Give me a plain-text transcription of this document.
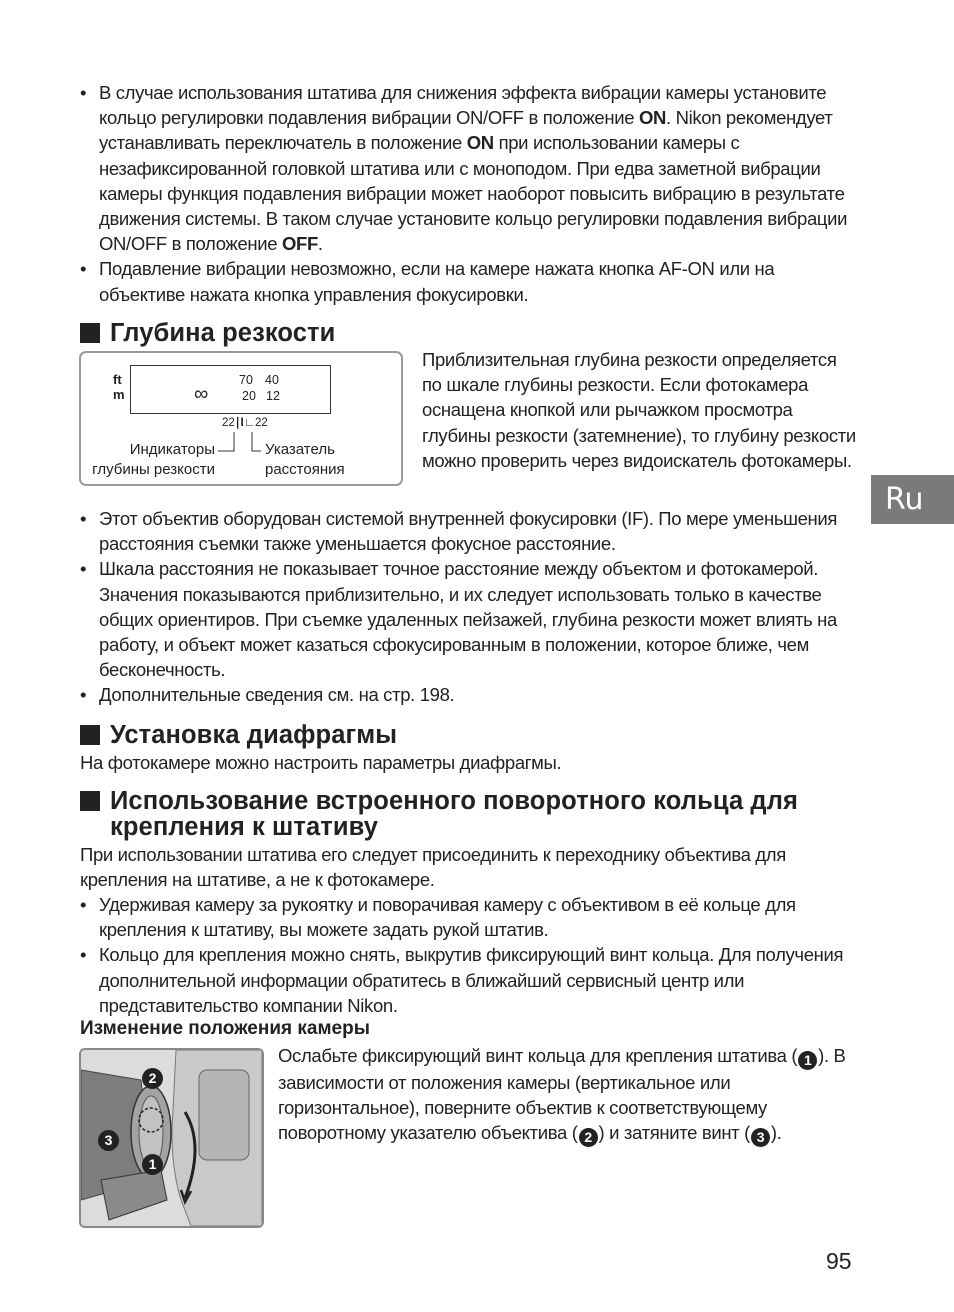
• В случае использования штатива для снижения эффекта вибрации камеры установите кольцо регулировки подавления вибрации ON/OFF в положение ON. Nikon рекомендует устанавливать переключатель в положение ON при использовании камеры с незафиксированной головкой штатива или с моноподом. При едва заметной вибрации камеры функция подавления вибрации может наоборот повысить вибрацию в результате движения системы. В таком случае установите кольцо регулировки подавления вибрации ON/OFF в положение OFF.
• Подавление вибрации невозможно, если на камере нажата кнопка AF-ON или на объективе нажата кнопка управления фокусировки.
Глубина резкости
ft
m
70 40
∞	20 12
22∣I∟22
Индикаторы глубины резкости
Указатель расстояния

Приблизительная глубина резкости определяется по шкале глубины резкости. Если фотокамера оснащена кнопкой или рычажком просмотра глубины резкости (затемнение), то глубину резкости можно проверить через видоискатель фотокамеры.

• Этот объектив оборудован системой внутренней фокусировки (IF). По мере уменьшения расстояния съемки также уменьшается фокусное расстояние.
• Шкала расстояния не показывает точное расстояние между объектом и фотокамерой. Значения показываются приблизительно, и их следует использовать только в качестве общих ориентиров. При съемке удаленных пейзажей, глубина резкости может влиять на работу, и объект может казаться сфокусированным в положении, которое ближе, чем бесконечность.
• Дополнительные сведения см. на стр. 198.
Установка диафрагмы

На фотокамере можно настроить параметры диафрагмы.

Использование встроенного поворотного кольца для крепления к штативу

При использовании штатива его следует присоединить к переходнику объектива для крепления на штативе, а не к фотокамере.

• Удерживая камеру за рукоятку и поворачивая камеру с объективом в её кольце для крепления к штативу, вы можете задать рукой штатив.
• Кольцо для крепления можно снять, выкрутив фиксирующий винт кольца. Для получения дополнительной информации обратитесь в ближайший сервисный центр или представительство компании Nikon.
Изменение положения камеры
2
3
1

Ослабьте фиксирующий винт кольца для крепления штатива ( 1 ). В зависимости от положения камеры (вертикальное или горизонтальное), поверните объектив к соответствующему поворотному указателю объектива ( 2 ) и затяните винт ( 3 ).

Ru
95
